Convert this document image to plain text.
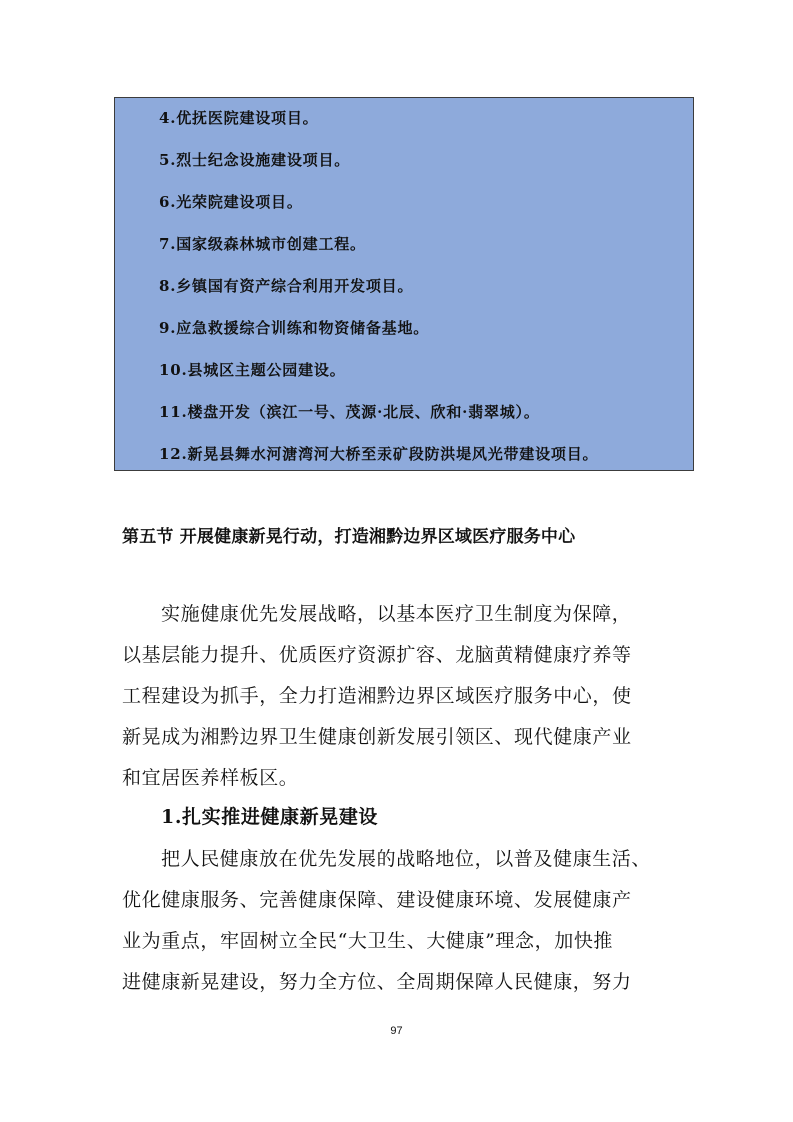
4.优抚医院建设项目。
5.烈士纪念设施建设项目。
6.光荣院建设项目。
7.国家级森林城市创建工程。
8.乡镇国有资产综合利用开发项目。
9.应急救援综合训练和物资储备基地。
10.县城区主题公园建设。
11.楼盘开发（滨江一号、茂源·北辰、欣和·翡翠城）。
12.新晃县舞水河溏湾河大桥至汞矿段防洪堤风光带建设项目。
第五节 开展健康新晃行动，打造湘黔边界区域医疗服务中心

实施健康优先发展战略，以基本医疗卫生制度为保障，

以基层能力提升、优质医疗资源扩容、龙脑黄精健康疗养等

工程建设为抓手，全力打造湘黔边界区域医疗服务中心，使

新晃成为湘黔边界卫生健康创新发展引领区、现代健康产业

和宜居医养样板区。

1.扎实推进健康新晃建设

把人民健康放在优先发展的战略地位，以普及健康生活、

优化健康服务、完善健康保障、建设健康环境、发展健康产

业为重点，牢固树立全民“大卫生、大健康”理念，加快推

进健康新晃建设，努力全方位、全周期保障人民健康，努力

97
